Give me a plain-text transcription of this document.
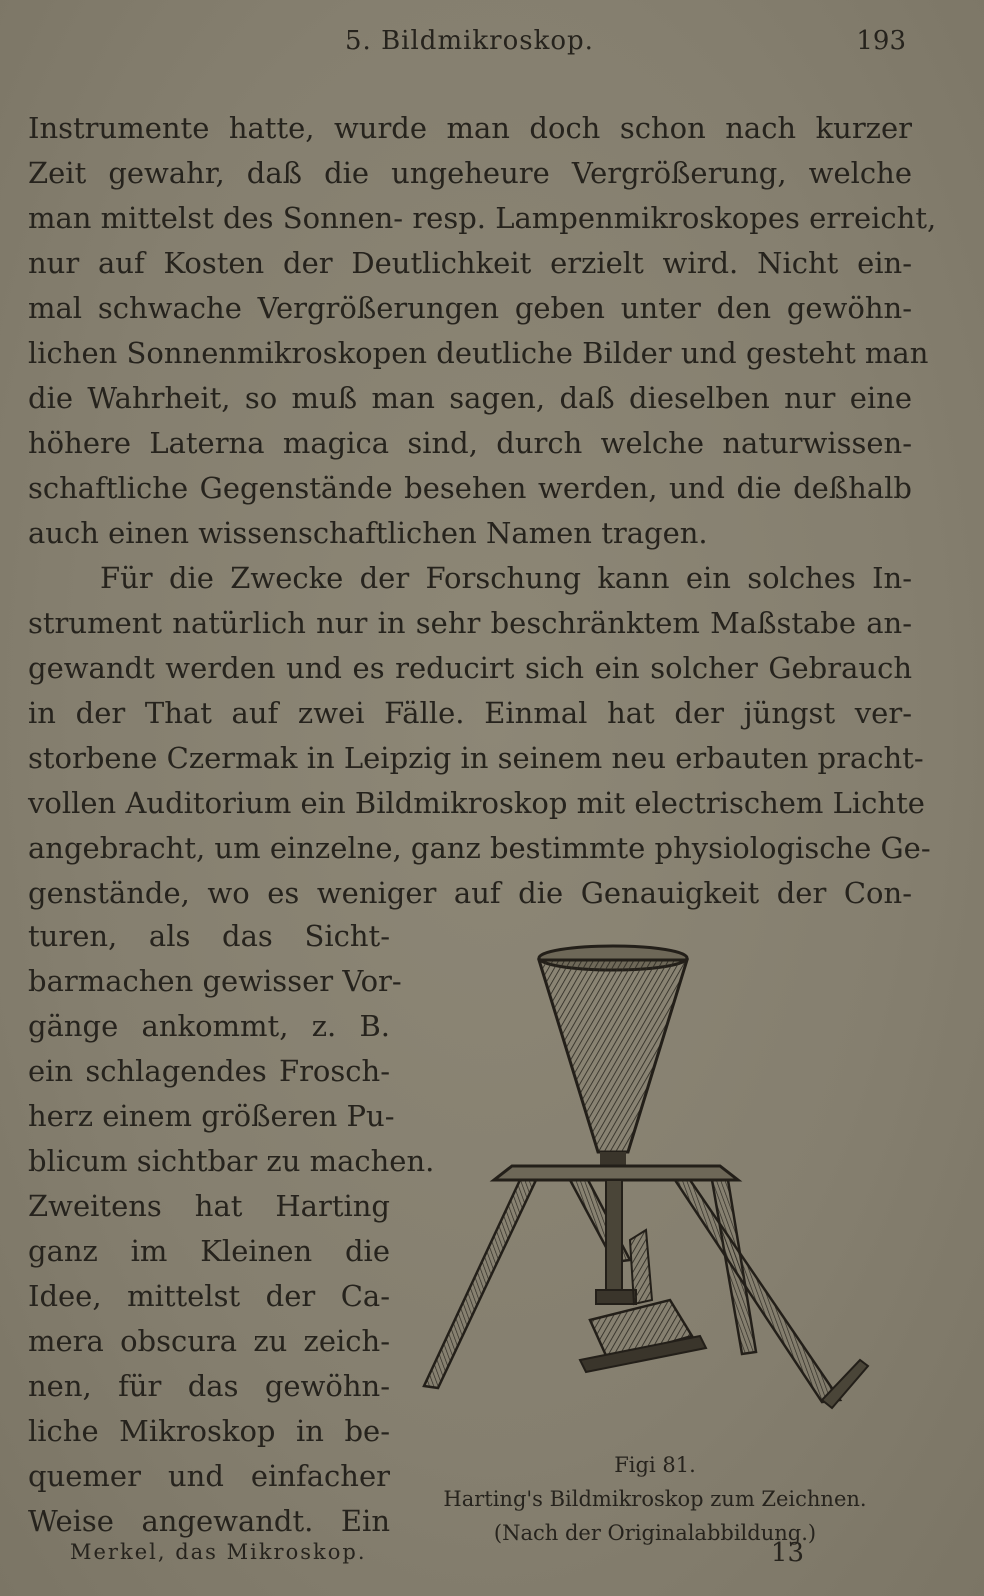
5. Bildmikroskop.	193
Instrumente hatte, wurde man doch schon nach kurzer
Zeit gewahr, daß die ungeheure Vergrößerung, welche
man mittelst des Sonnen- resp. Lampenmikroskopes erreicht,
nur auf Kosten der Deutlichkeit erzielt wird. Nicht ein-
mal schwache Vergrößerungen geben unter den gewöhn-
lichen Sonnenmikroskopen deutliche Bilder und gesteht man
die Wahrheit, so muß man sagen, daß dieselben nur eine
höhere Laterna magica sind, durch welche naturwissen-
schaftliche Gegenstände besehen werden, und die deßhalb
auch einen wissenschaftlichen Namen tragen.
Für die Zwecke der Forschung kann ein solches In-
strument natürlich nur in sehr beschränktem Maßstabe an-
gewandt werden und es reducirt sich ein solcher Gebrauch
in der That auf zwei Fälle. Einmal hat der jüngst ver-
storbene Czermak in Leipzig in seinem neu erbauten pracht-
vollen Auditorium ein Bildmikroskop mit electrischem Lichte
angebracht, um einzelne, ganz bestimmte physiologische Ge-
genstände, wo es weniger auf die Genauigkeit der Con-
turen, als das Sicht-
barmachen gewisser Vor-
gänge ankommt, z. B.
ein schlagendes Frosch-
herz einem größeren Pu-
blicum sichtbar zu machen.
Zweitens hat Harting
ganz im Kleinen die
Idee, mittelst der Ca-
mera obscura zu zeich-
nen, für das gewöhn-
liche Mikroskop in be-
quemer und einfacher
Weise angewandt. Ein
Figi 81.
Harting's Bildmikroskop zum Zeichnen.
(Nach der Originalabbildung.)
Merkel, das Mikroskop.	13
